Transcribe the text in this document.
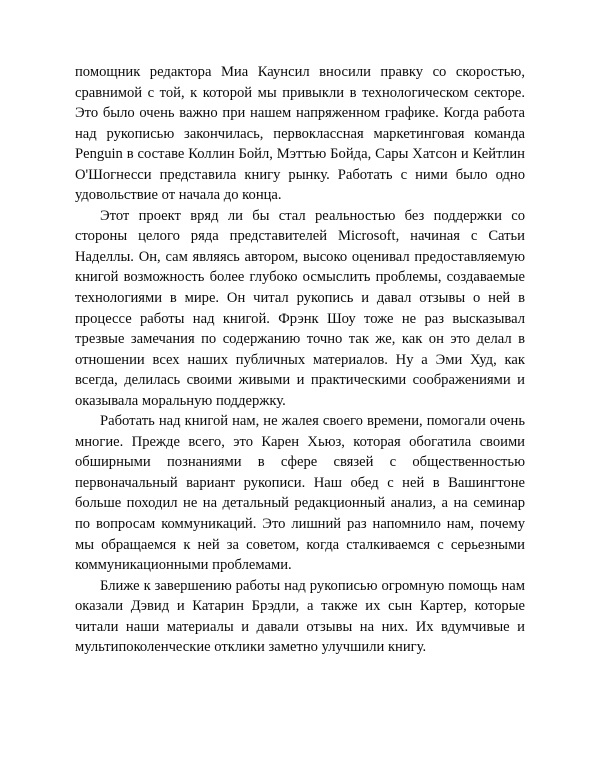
помощник редактора Миа Каунсил вносили правку со скоростью, сравнимой с той, к которой мы привыкли в технологическом секторе. Это было очень важно при нашем напряженном графике. Когда работа над рукописью закончилась, первоклассная маркетинговая команда Penguin в составе Коллин Бойл, Мэттью Бойда, Сары Хатсон и Кейтлин О'Шогнесси представила книгу рынку. Работать с ними было одно удовольствие от начала до конца.

Этот проект вряд ли бы стал реальностью без поддержки со стороны целого ряда представителей Microsoft, начиная с Сатьи Наделлы. Он, сам являясь автором, высоко оценивал предоставляемую книгой возможность более глубоко осмыслить проблемы, создаваемые технологиями в мире. Он читал рукопись и давал отзывы о ней в процессе работы над книгой. Фрэнк Шоу тоже не раз высказывал трезвые замечания по содержанию точно так же, как он это делал в отношении всех наших публичных материалов. Ну а Эми Худ, как всегда, делилась своими живыми и практическими соображениями и оказывала моральную поддержку.

Работать над книгой нам, не жалея своего времени, помогали очень многие. Прежде всего, это Карен Хьюз, которая обогатила своими обширными познаниями в сфере связей с общественностью первоначальный вариант рукописи. Наш обед с ней в Вашингтоне больше походил не на детальный редакционный анализ, а на семинар по вопросам коммуникаций. Это лишний раз напомнило нам, почему мы обращаемся к ней за советом, когда сталкиваемся с серьезными коммуникационными проблемами.

Ближе к завершению работы над рукописью огромную помощь нам оказали Дэвид и Катарин Брэдли, а также их сын Картер, которые читали наши материалы и давали отзывы на них. Их вдумчивые и мультипоколенческие отклики заметно улучшили книгу.
